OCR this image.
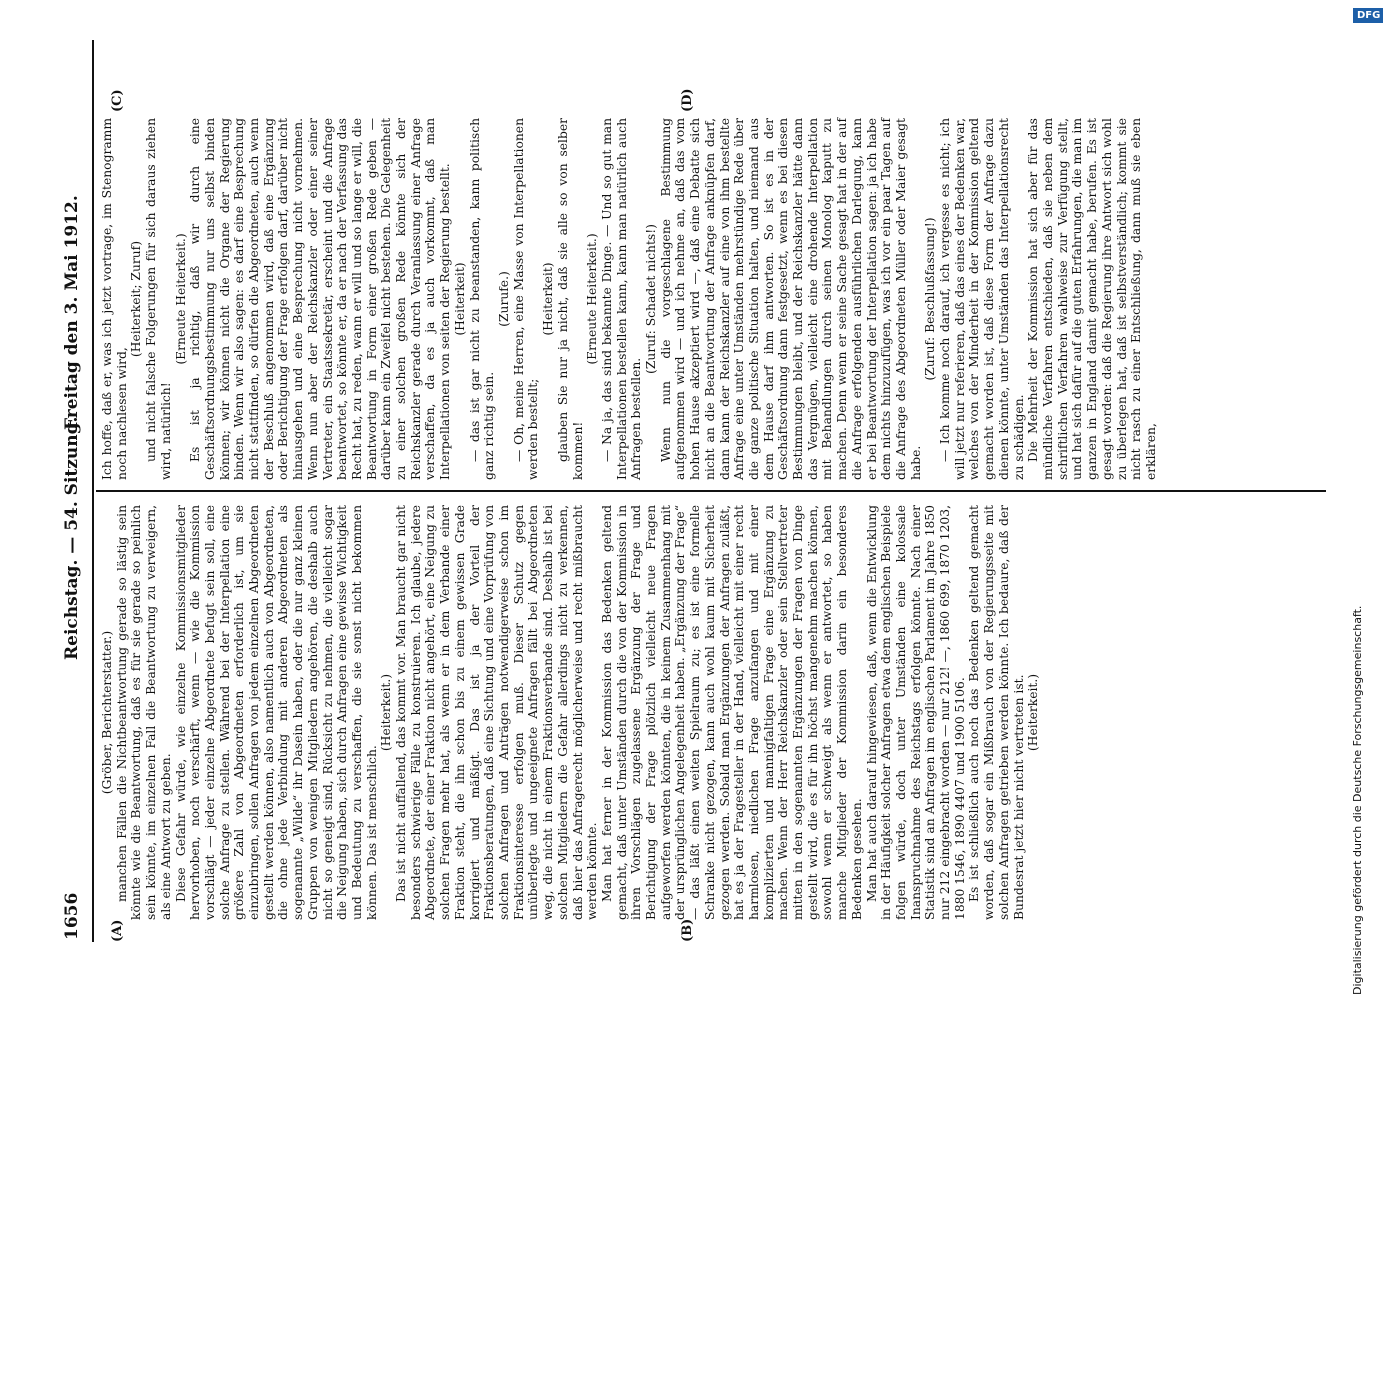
1656
Reichstag. — 54. Sitzung.
Freitag den 3. Mai 1912.
(A)	(B)
(C)	(D)

(Gröber, Berichterstatter.) manchen Fällen die Nichtbeantwortung gerade so lästig sein könnte wie die Beantwortung, daß es für sie gerade so peinlich sein könnte, im einzelnen Fall die Beantwortung zu verweigern, als eine Antwort zu geben. Diese Gefahr würde, wie einzelne Kommissionsmitglieder hervorhoben, noch verschärft, wenn — wie die Kommission vorschlägt — jeder einzelne Abgeordnete befugt sein soll, eine solche Anfrage zu stellen. Während bei der Interpellation eine größere Zahl von Abgeordneten erforderlich ist, um sie einzubringen, sollen Anfragen von jedem einzelnen Abgeordneten gestellt werden können, also namentlich auch von Abgeordneten, die ohne jede Verbindung mit anderen Abgeordneten als sogenannte „Wilde“ ihr Dasein haben, oder die nur ganz kleinen Gruppen von wenigen Mitgliedern angehören, die deshalb auch nicht so geneigt sind, Rücksicht zu nehmen, die vielleicht sogar die Neigung haben, sich durch Anfragen eine gewisse Wichtigkeit und Bedeutung zu verschaffen, die sie sonst nicht bekommen können. Das ist menschlich.

(Heiterkeit.) Das ist nicht auffallend, das kommt vor. Man braucht gar nicht besonders schwierige Fälle zu konstruieren. Ich glaube, jedere Abgeordnete, der einer Fraktion nicht angehört, eine Neigung zu solchen Fragen mehr hat, als wenn er in dem Verbande einer Fraktion steht, die ihn schon bis zu einem gewissen Grade korrigiert und mäßigt. Das ist ja der Vorteil der Fraktionsberatungen, daß eine Sichtung und eine Vorprüfung von solchen Anfragen und Anträgen notwendigerweise schon im Fraktionsinteresse erfolgen muß. Dieser Schutz gegen unüberlegte und ungeeignete Anfragen fällt bei Abgeordneten weg, die nicht in einem Fraktionsverbande sind. Deshalb ist bei solchen Mitgliedern die Gefahr allerdings nicht zu verkennen, daß hier das Anfragerecht möglicherweise und recht mißbraucht werden könnte. Man hat ferner in der Kommission das Bedenken geltend gemacht, daß unter Umständen durch die von der Kommission in ihren Vorschlägen zugelassene Ergänzung der Frage und Berichtigung der Frage plötzlich vielleicht neue Fragen aufgeworfen werden könnten, die in keinem Zusammenhang mit der ursprünglichen Angelegenheit haben. „Ergänzung der Frage“ — das läßt einen weiten Spielraum zu; es ist eine formelle Schranke nicht gezogen, kann auch wohl kaum mit Sicherheit gezogen werden. Sobald man Ergänzungen der Anfragen zuläßt, hat es ja der Fragesteller in der Hand, vielleicht mit einer recht harmlosen, niedlichen Frage anzufangen und mit einer komplizierten und mannigfaltigen Frage eine Ergänzung zu machen. Wenn der Herr Reichskanzler oder sein Stellvertreter mitten in den sogenannten Ergänzungen der Fragen von Dinge gestellt wird, die es für ihn höchst mangenehm machen können, sowohl wenn er schweigt als wenn er antwortet, so haben manche Mitglieder der Kommission darin ein besonderes Bedenken gesehen. Man hat auch darauf hingewiesen, daß, wenn die Entwicklung in der Häufigkeit solcher Anfragen etwa dem englischen Beispiele folgen würde, doch unter Umständen eine kolossale Inanspruchnahme des Reichstags erfolgen könnte. Nach einer Statistik sind an Anfragen im englischen Parlament im Jahre 1850 nur 212 eingebracht worden — nur 212! —, 1860 699, 1870 1203, 1880 1546, 1890 4407 und 1900 5106. Es ist schließlich auch noch das Bedenken geltend gemacht worden, daß sogar ein Mißbrauch von der Regierungsseite mit solchen Anfragen getrieben werden könnte. Ich bedaure, daß der Bundesrat jetzt hier nicht vertreten ist. (Heiterkeit.)

Ich hoffe, daß er, was ich jetzt vortrage, im Stenogramm noch nachlesen wird,

(Heiterkeit; Zuruf) und nicht falsche Folgerungen für sich daraus ziehen wird, natürlich!

(Erneute Heiterkeit.) Es ist ja richtig, daß wir durch eine Geschäftsordnungsbestimmung nur uns selbst binden können; wir können nicht die Organe der Regierung binden. Wenn wir also sagen: es darf eine Besprechung nicht stattfinden, so dürfen die Abgeordneten, auch wenn der Beschluß angenommen wird, daß eine Ergänzung oder Berichtigung der Frage erfolgen darf, darüber nicht hinausgehen und eine Besprechung nicht vornehmen. Wenn nun aber der Reichskanzler oder einer seiner Vertreter, ein Staatssekretär, erscheint und die Anfrage beantwortet, so könnte er, da er nach der Verfassung das Recht hat, zu reden, wann er will und so lange er will, die Beantwortung in Form einer großen Rede geben — darüber kann ein Zweifel nicht bestehen. Die Gelegenheit zu einer solchen großen Rede könnte sich der Reichskanzler gerade durch Veranlassung einer Anfrage verschaffen, da es ja auch vorkommt, daß man Interpellationen von seiten der Regierung bestellt. (Heiterkeit) — das ist gar nicht zu beanstanden, kann politisch ganz richtig sein.

(Zurufe.) — Oh, meine Herren, eine Masse von Interpellationen werden bestellt;

(Heiterkeit) glauben Sie nur ja nicht, daß sie alle so von selber kommen!

(Erneute Heiterkeit.) — Na ja, das sind bekannte Dinge. — Und so gut man Interpellationen bestellen kann, kann man natürlich auch Anfragen bestellen.

(Zuruf: Schadet nichts!) Wenn nun die vorgeschlagene Bestimmung aufgenommen wird — und ich nehme an, daß das vom hohen Hause akzeptiert wird —, daß eine Debatte sich nicht an die Beantwortung der Anfrage anknüpfen darf, dann kann der Reichskanzler auf eine von ihm bestellte Anfrage eine unter Umständen mehrstündige Rede über die ganze politische Situation halten, und niemand aus dem Hause darf ihm antworten. So ist es in der Geschäftsordnung dann festgesetzt, wenn es bei diesen Bestimmungen bleibt, und der Reichskanzler hätte dann das Vergnügen, vielleicht eine drohende Interpellation mit Behandlungen durch seinen Monolog kaputt zu machen. Denn wenn er seine Sache gesagt hat in der auf die Anfrage erfolgenden ausführlichen Darlegung, kann er bei Beantwortung der Interpellation sagen: ja ich habe dem nichts hinzuzufügen, was ich vor ein paar Tagen auf die Anfrage des Abgeordneten Müller oder Maier gesagt habe.

(Zuruf: Beschlußfassung!) — Ich komme noch darauf, ich vergesse es nicht; ich will jetzt nur referieren, daß das eines der Bedenken war, welches von der Minderheit in der Kommission geltend gemacht worden ist, daß diese Form der Anfrage dazu dienen könnte, unter Umständen das Interpellationsrecht zu schädigen. Die Mehrheit der Kommission hat sich aber für das mündliche Verfahren entschieden, daß sie neben dem schriftlichen Verfahren wahlweise zur Verfügung stellt, und hat sich dafür auf die guten Erfahrungen, die man im ganzen in England damit gemacht habe, berufen. Es ist gesagt worden: daß die Regierung ihre Antwort sich wohl zu überlegen hat, daß ist selbstverständlich; kommt sie nicht rasch zu einer Entschließung, dann muß sie eben erklären,

Digitalisierung gefördert durch die Deutsche Forschungsgemeinschaft.
DFG
